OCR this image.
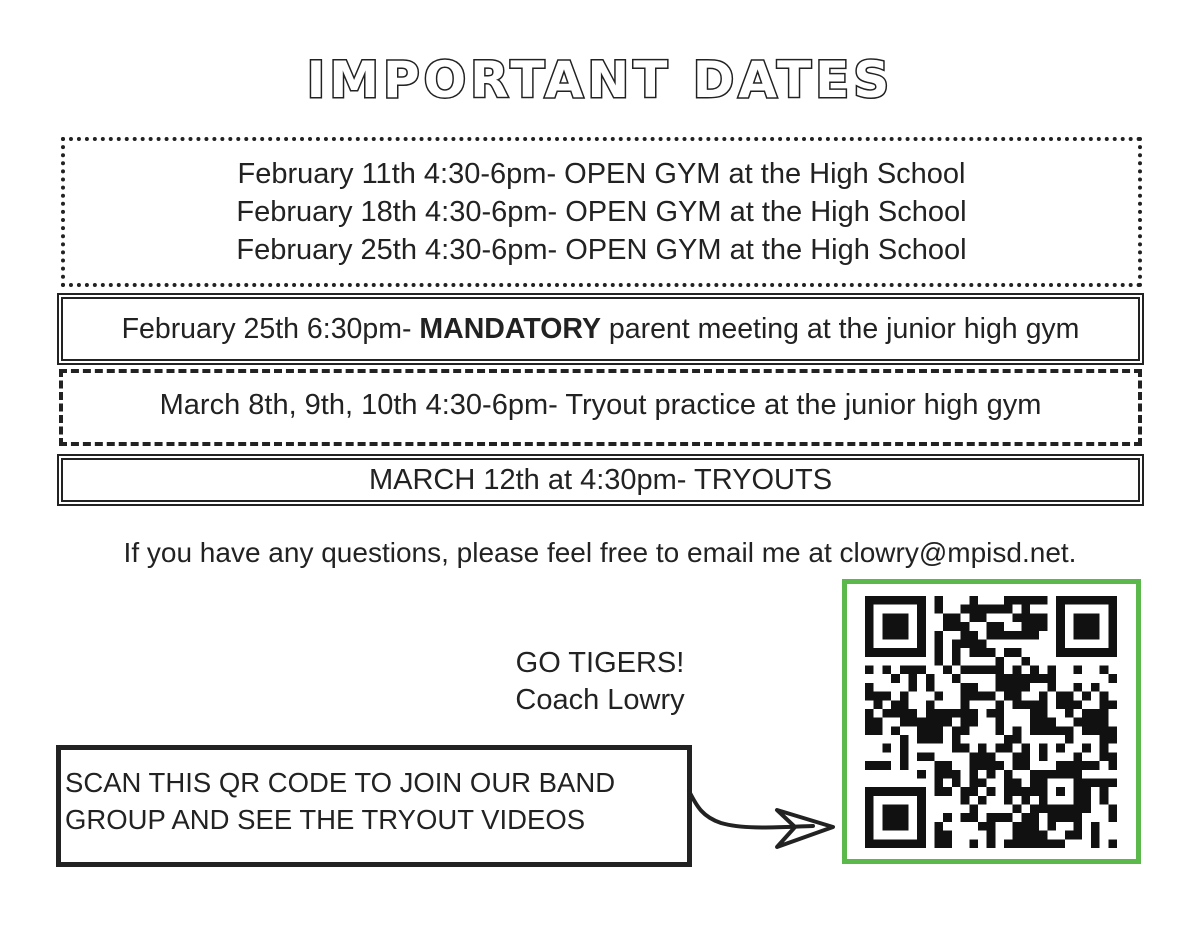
IMPORTANT DATES
February 11th 4:30-6pm- OPEN GYM at the High School
February 18th 4:30-6pm- OPEN GYM at the High School
February 25th 4:30-6pm- OPEN GYM at the High School
February 25th 6:30pm- MANDATORY parent meeting at the junior high gym
March 8th, 9th, 10th 4:30-6pm- Tryout practice at the junior high gym
MARCH 12th at 4:30pm- TRYOUTS
If you have any questions, please feel free to email me at clowry@mpisd.net.
GO TIGERS!
Coach Lowry
SCAN THIS QR CODE TO JOIN OUR BAND
GROUP AND SEE THE TRYOUT VIDEOS
